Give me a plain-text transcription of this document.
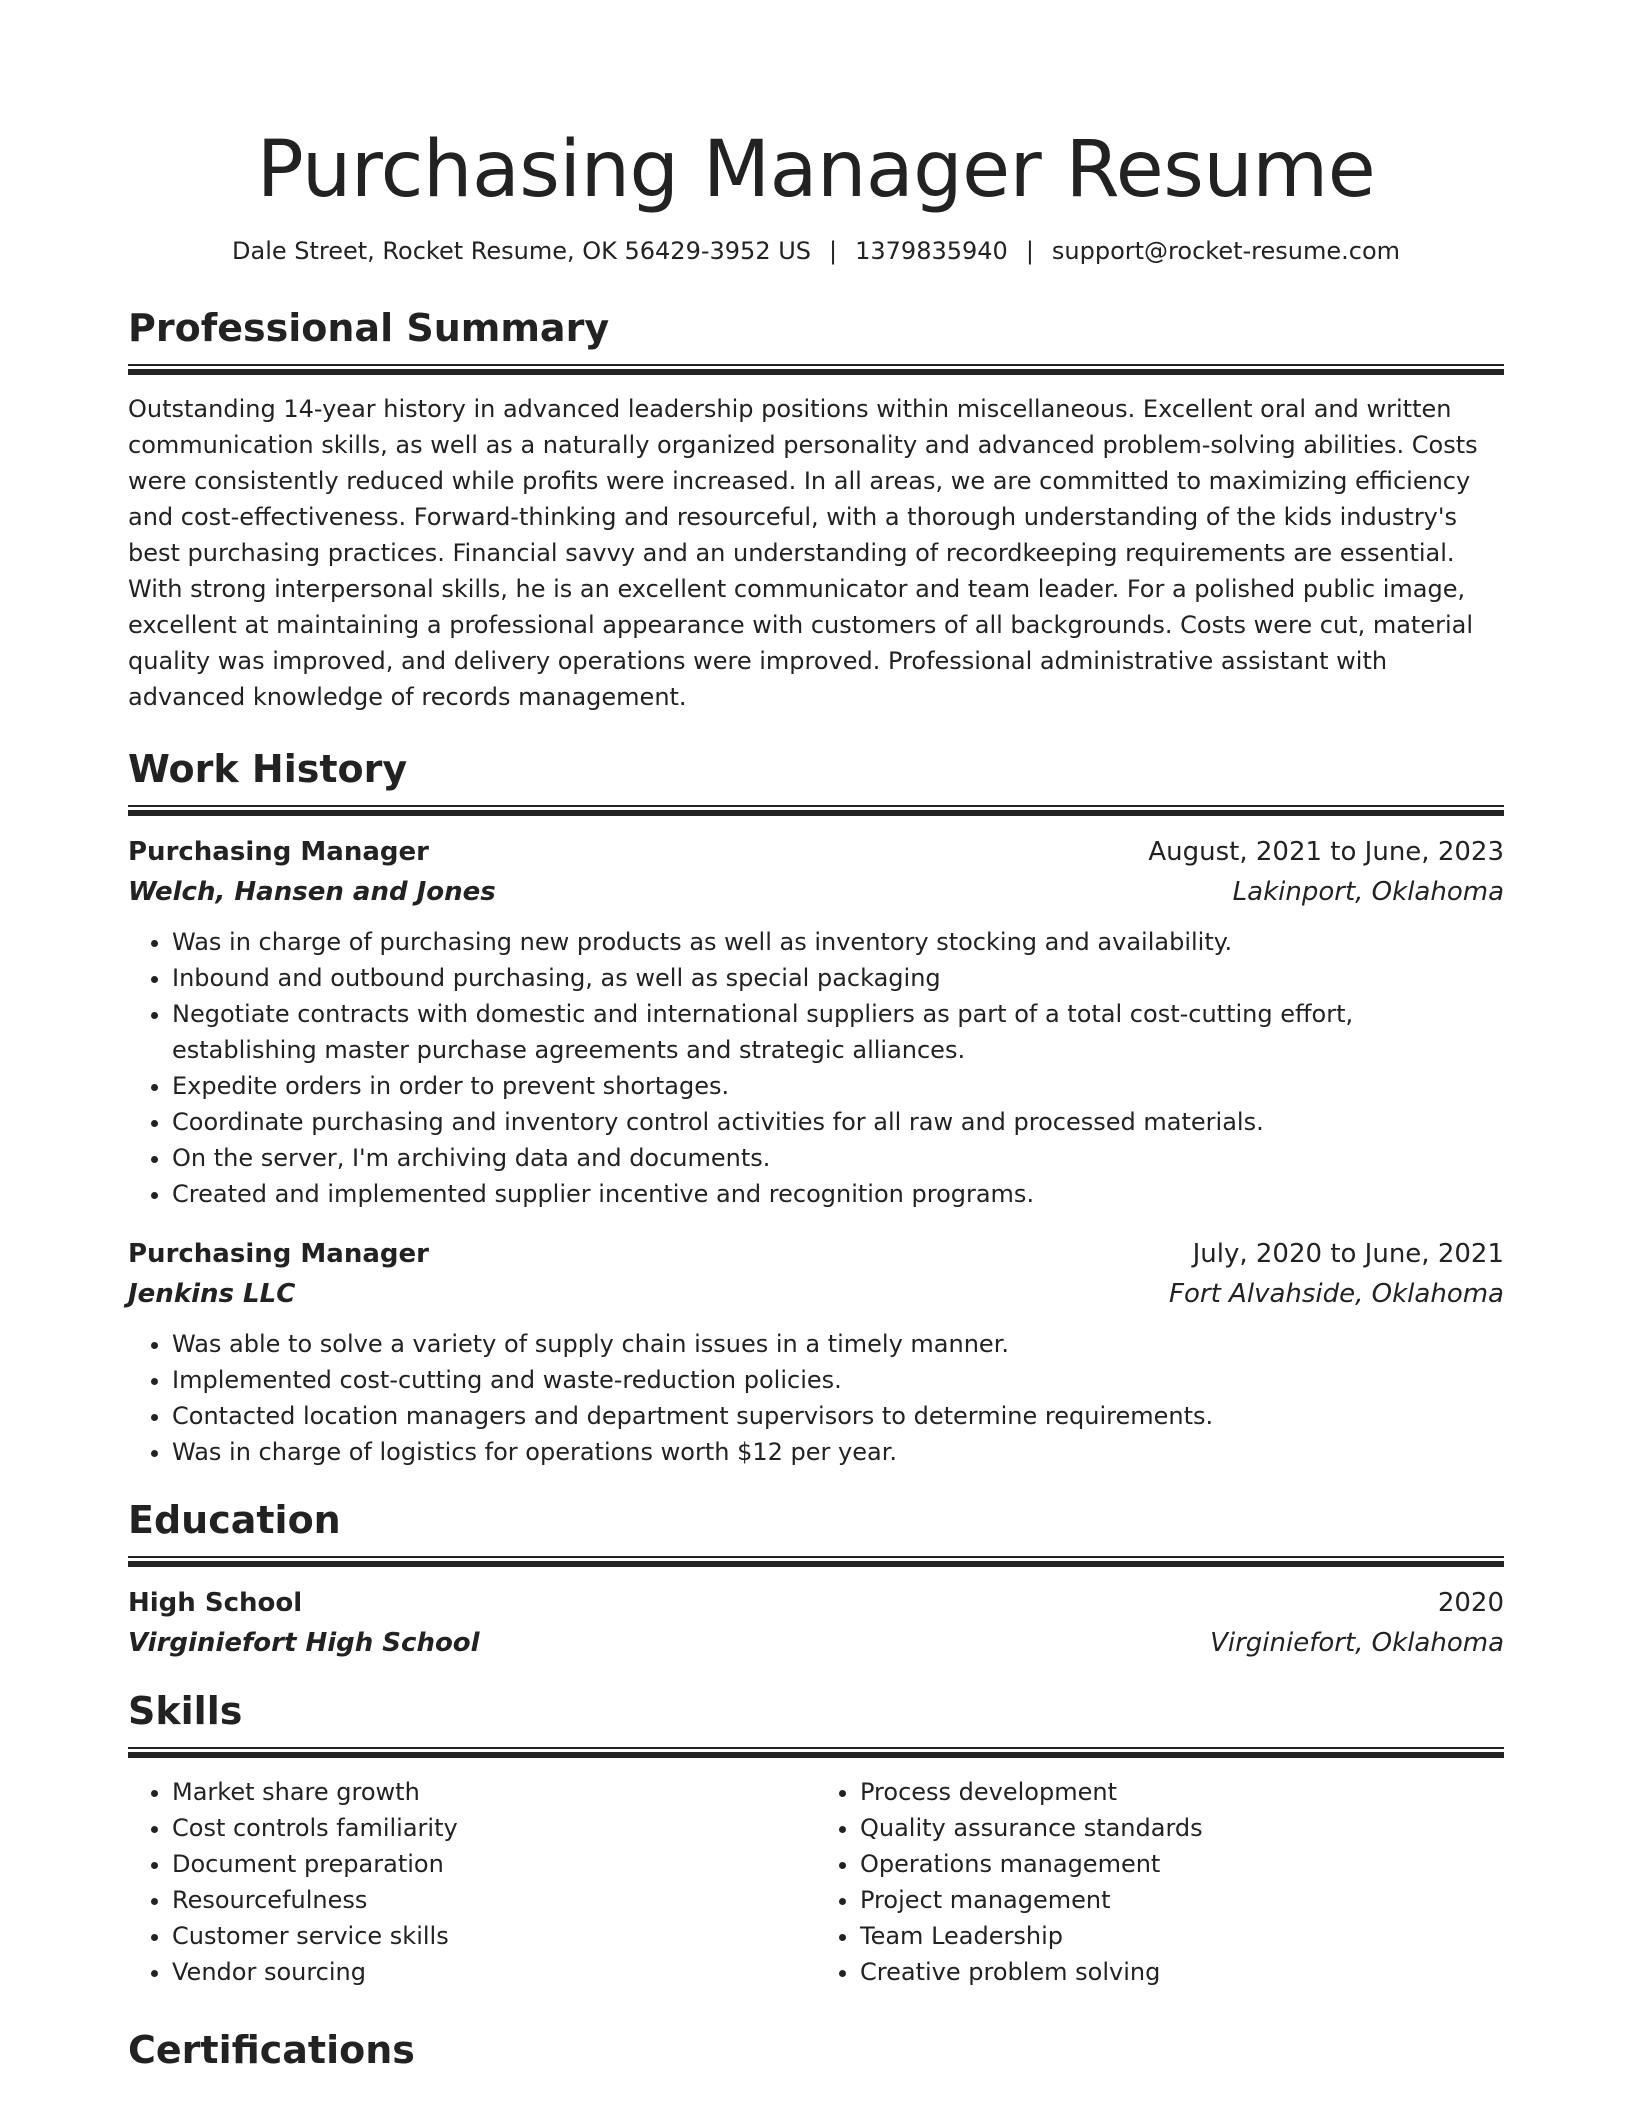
Purchasing Manager Resume
Dale Street, Rocket Resume, OK 56429-3952 US | 1379835940 | support@rocket-resume.com
Professional Summary
Outstanding 14-year history in advanced leadership positions within miscellaneous. Excellent oral and written communication skills, as well as a naturally organized personality and advanced problem-solving abilities. Costs were consistently reduced while profits were increased. In all areas, we are committed to maximizing efficiency and cost-effectiveness. Forward-thinking and resourceful, with a thorough understanding of the kids industry's best purchasing practices. Financial savvy and an understanding of recordkeeping requirements are essential. With strong interpersonal skills, he is an excellent communicator and team leader. For a polished public image, excellent at maintaining a professional appearance with customers of all backgrounds. Costs were cut, material quality was improved, and delivery operations were improved. Professional administrative assistant with advanced knowledge of records management.
Work History
Purchasing Manager	August, 2021 to June, 2023
Welch, Hansen and Jones	Lakinport, Oklahoma
• Was in charge of purchasing new products as well as inventory stocking and availability.
• Inbound and outbound purchasing, as well as special packaging
• Negotiate contracts with domestic and international suppliers as part of a total cost-cutting effort, establishing master purchase agreements and strategic alliances.
• Expedite orders in order to prevent shortages.
• Coordinate purchasing and inventory control activities for all raw and processed materials.
• On the server, I'm archiving data and documents.
• Created and implemented supplier incentive and recognition programs.
Purchasing Manager	July, 2020 to June, 2021
Jenkins LLC	Fort Alvahside, Oklahoma
• Was able to solve a variety of supply chain issues in a timely manner.
• Implemented cost-cutting and waste-reduction policies.
• Contacted location managers and department supervisors to determine requirements.
• Was in charge of logistics for operations worth $12 per year.
Education
High School	2020
Virginiefort High School	Virginiefort, Oklahoma
Skills
• Market share growth
• Cost controls familiarity
• Document preparation
• Resourcefulness
• Customer service skills
• Vendor sourcing
• Process development
• Quality assurance standards
• Operations management
• Project management
• Team Leadership
• Creative problem solving
Certifications
